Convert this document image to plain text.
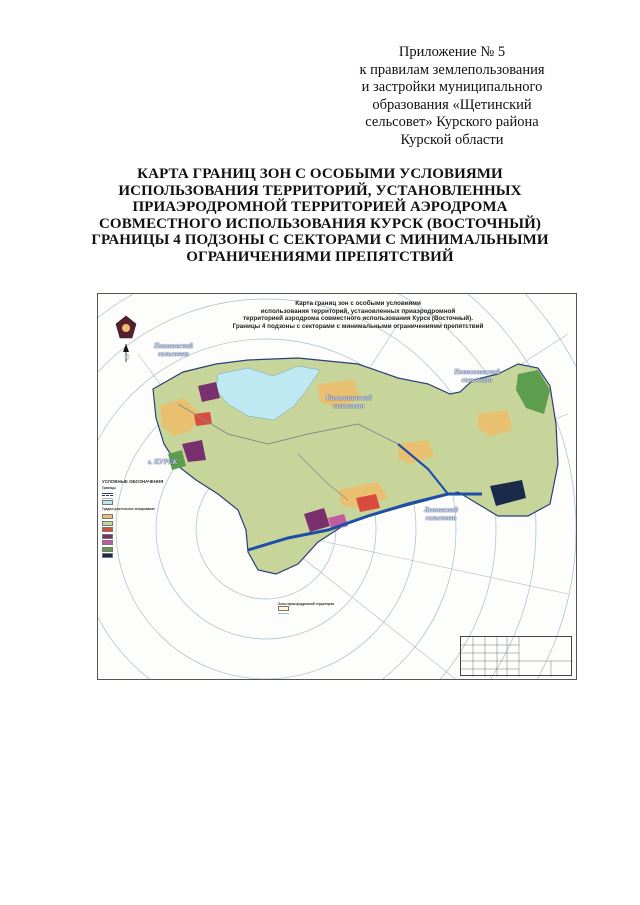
Приложение № 5
к правилам землепользования
и застройки муниципального
образования «Щетинский
сельсовет» Курского района
Курской области
КАРТА ГРАНИЦ ЗОН С ОСОБЫМИ УСЛОВИЯМИ
ИСПОЛЬЗОВАНИЯ ТЕРРИТОРИЙ, УСТАНОВЛЕННЫХ
ПРИАЭРОДРОМНОЙ ТЕРРИТОРИЕЙ АЭРОДРОМА
СОВМЕСТНОГО ИСПОЛЬЗОВАНИЯ КУРСК (ВОСТОЧНЫЙ)
ГРАНИЦЫ 4 ПОДЗОНЫ С СЕКТОРАМИ С МИНИМАЛЬНЫМИ
ОГРАНИЧЕНИЯМИ ПРЕПЯТСТВИЙ
Карта границ зон с особыми условиями
использования территорий, установленных приаэродромной
территорией аэродрома совместного использования Курск (Восточный).
Границы 4 подзоны с секторами с минимальными ограничениями препятствий
С
Пашковский
сельсовет
Камышинский
сельсовет
Новоселовский
сельсовет
г. КУРСК
Ленинский
сельсовет
УСЛОВНЫЕ ОБОЗНАЧЕНИЯ
Границы
Градостроительное зонирование
Зоны приаэродромной территории
